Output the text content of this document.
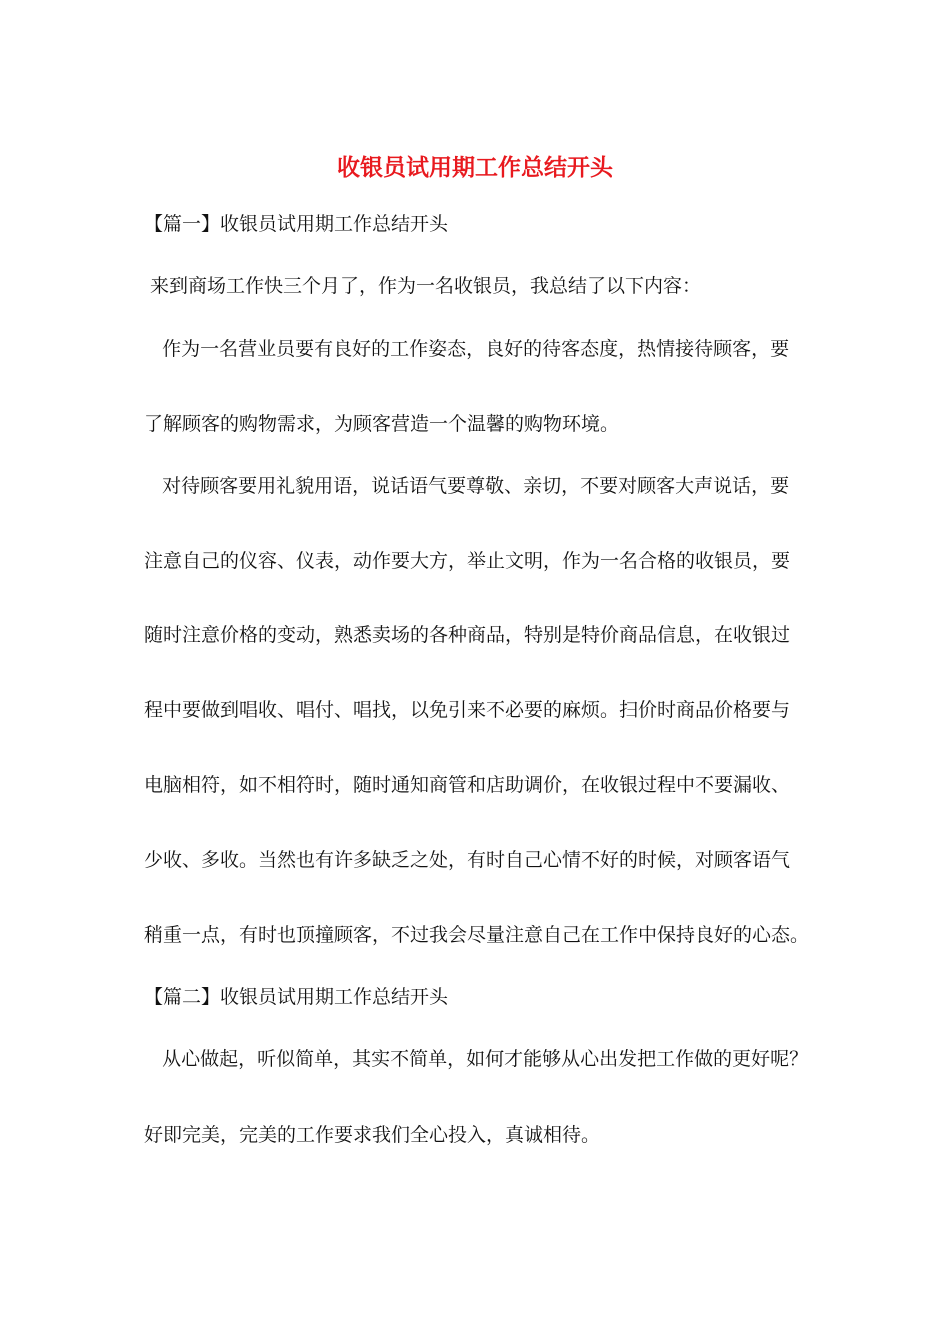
收银员试用期工作总结开头
【篇一】收银员试用期工作总结开头
来到商场工作快三个月了，作为一名收银员，我总结了以下内容：
作为一名营业员要有良好的工作姿态，良好的待客态度，热情接待顾客，要
了解顾客的购物需求，为顾客营造一个温馨的购物环境。
对待顾客要用礼貌用语，说话语气要尊敬、亲切，不要对顾客大声说话，要
注意自己的仪容、仪表，动作要大方，举止文明，作为一名合格的收银员，要
随时注意价格的变动，熟悉卖场的各种商品，特别是特价商品信息，在收银过
程中要做到唱收、唱付、唱找，以免引来不必要的麻烦。扫价时商品价格要与
电脑相符，如不相符时，随时通知商管和店助调价，在收银过程中不要漏收、
少收、多收。当然也有许多缺乏之处，有时自己心情不好的时候，对顾客语气
稍重一点，有时也顶撞顾客，不过我会尽量注意自己在工作中保持良好的心态。
【篇二】收银员试用期工作总结开头
从心做起，听似简单，其实不简单，如何才能够从心出发把工作做的更好呢？
好即完美，完美的工作要求我们全心投入，真诚相待。
